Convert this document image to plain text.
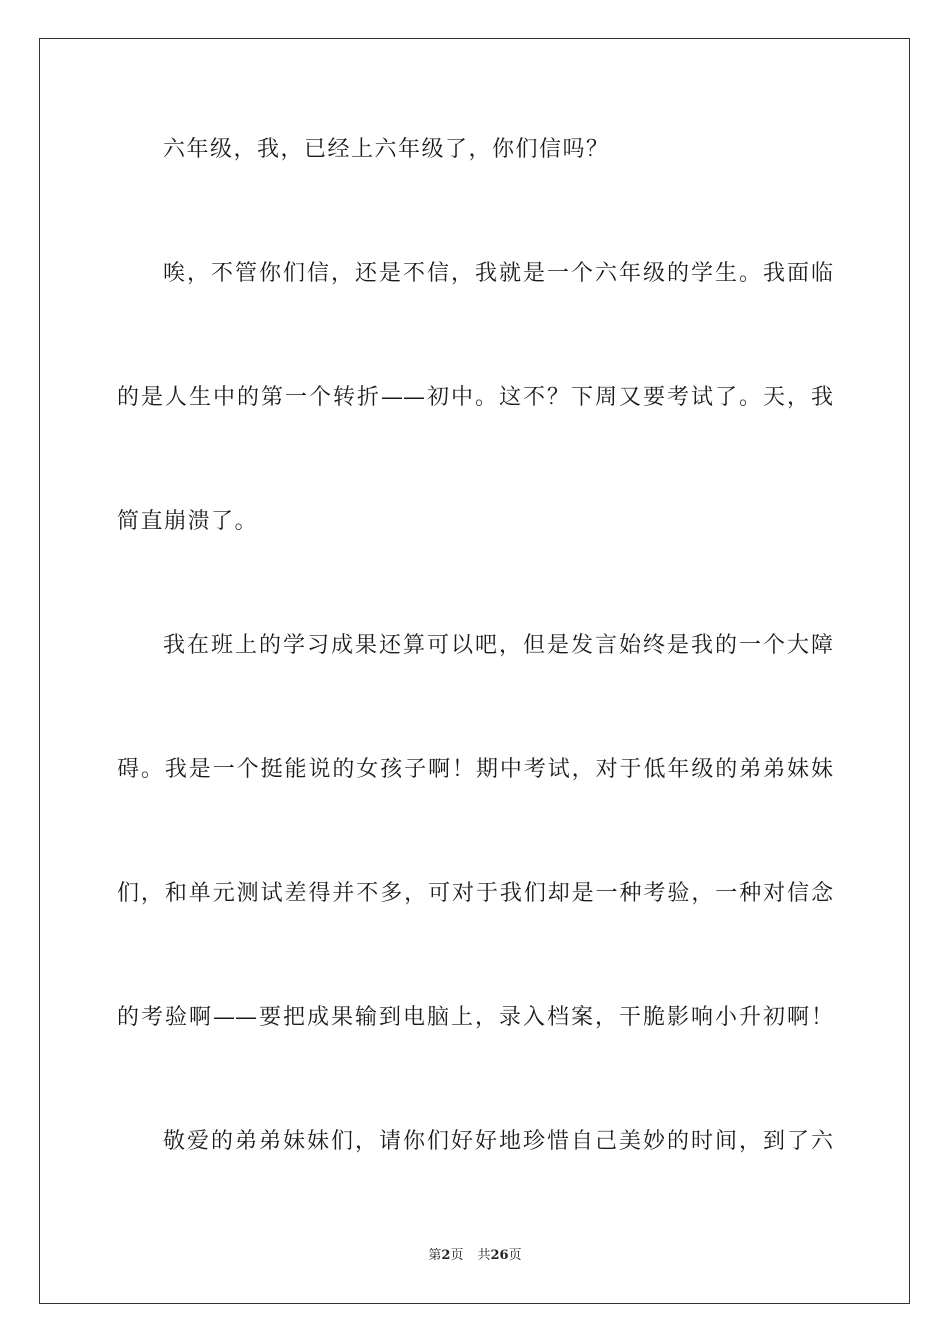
六年级，我，已经上六年级了，你们信吗？
唉，不管你们信，还是不信，我就是一个六年级的学生。我面临
的是人生中的第一个转折——初中。这不？下周又要考试了。天，我
简直崩溃了。
我在班上的学习成果还算可以吧，但是发言始终是我的一个大障
碍。我是一个挺能说的女孩子啊！期中考试，对于低年级的弟弟妹妹
们，和单元测试差得并不多，可对于我们却是一种考验，一种对信念
的考验啊——要把成果输到电脑上，录入档案，干脆影响小升初啊！
敬爱的弟弟妹妹们，请你们好好地珍惜自己美妙的时间，到了六
第2页 共26页
